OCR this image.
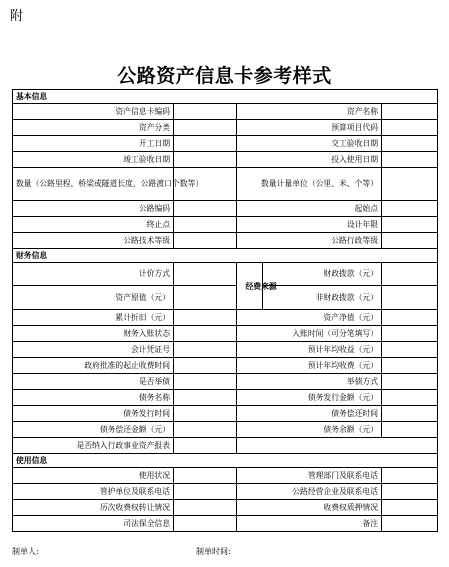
附
公路资产信息卡参考样式
基本信息				
资产信息卡编码		资产名称		
资产分类		预算项目代码		
开工日期		交工验收日期		
竣工验收日期		投入使用日期		
数量（公路里程，桥梁或隧道长度，公路渡口个数等）		数量计量单位（公里、米、个等）		
公路编码		起始点		
终止点		设计年限		
公路技术等级		公路行政等级		
财务信息				
计价方式		经费来源	财政拨款（元）	
资产原值（元）			非财政拨款（元）	
累计折旧（元）		资产净值（元）		
财务入账状态		入账时间（可分笔填写）		
会计凭证号		预计年均收益（元）		
政府批准的起止收费时间		预计年均收费（元）		
是否举债		举债方式		
债务名称		债务发行金额（元）		
债务发行时间		债务偿还时间		
债务偿还金额（元）		债务余额（元）		
是否纳入行政事业资产报表				
使用信息				
使用状况		管理部门及联系电话		
管护单位及联系电话		公路经营企业及联系电话		
历次收费权转让情况		收费权质押情况		
司法保全信息		备注		
制单人:	制单时间:
